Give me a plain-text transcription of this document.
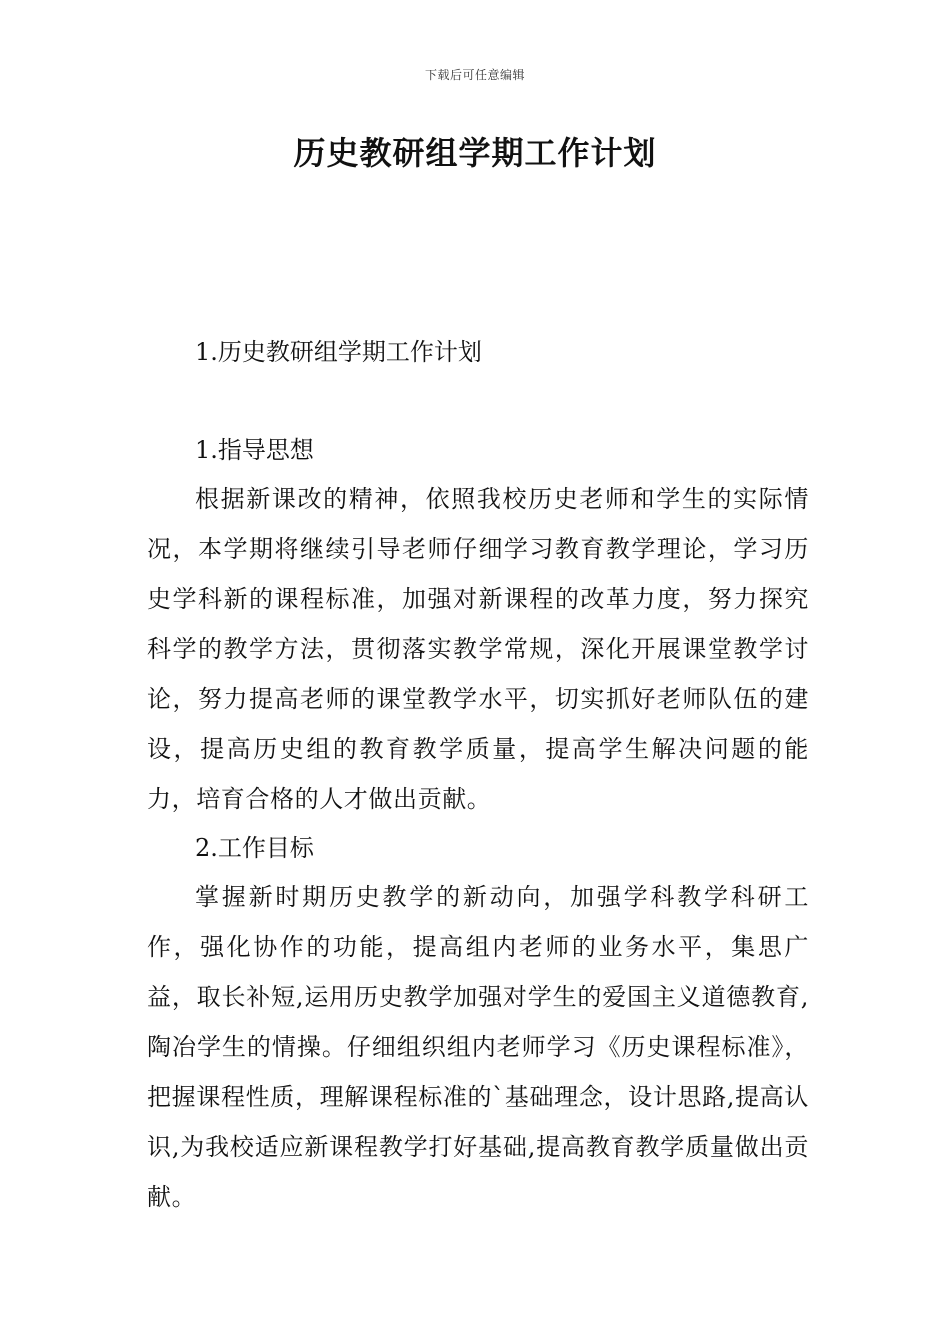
下载后可任意编辑
历史教研组学期工作计划

1.历史教研组学期工作计划

1.指导思想

根据新课改的精神，依照我校历史老师和学生的实际情况，本学期将继续引导老师仔细学习教育教学理论，学习历史学科新的课程标准，加强对新课程的改革力度，努力探究科学的教学方法，贯彻落实教学常规，深化开展课堂教学讨论，努力提高老师的课堂教学水平，切实抓好老师队伍的建设，提高历史组的教育教学质量，提高学生解决问题的能力，培育合格的人才做出贡献。

2.工作目标

掌握新时期历史教学的新动向，加强学科教学科研工作，强化协作的功能，提高组内老师的业务水平，集思广益，取长补短,运用历史教学加强对学生的爱国主义道德教育,陶冶学生的情操。仔细组织组内老师学习《历史课程标准》，把握课程性质，理解课程标准的`基础理念，设计思路,提高认识,为我校适应新课程教学打好基础,提高教育教学质量做出贡献。
